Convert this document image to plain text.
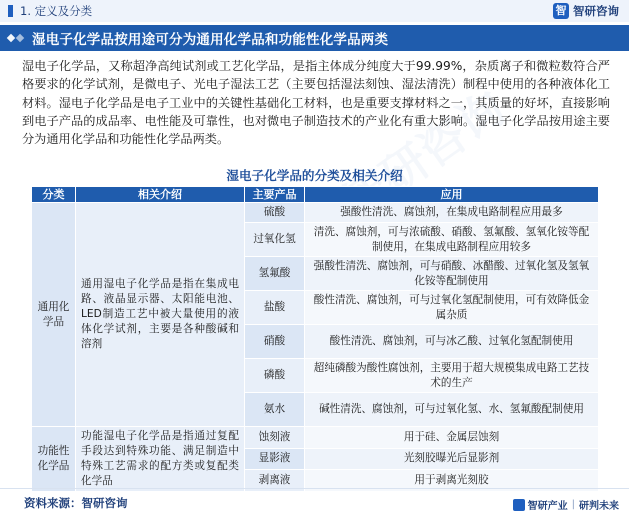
1. 定义及分类	智 智研咨询
湿电子化学品按用途可分为通用化学品和功能性化学品两类
湿电子化学品，又称超净高纯试剂或工艺化学品，是指主体成分纯度大于99.99%，杂质离子和微粒数符合严格要求的化学试剂，是微电子、光电子湿法工艺（主要包括湿法刻蚀、湿法清洗）制程中使用的各种液体化工材料。湿电子化学品是电子工业中的关键性基础化工材料，也是重要支撑材料之一，其质量的好坏，直接影响到电子产品的成品率、电性能及可靠性，也对微电子制造技术的产业化有重大影响。湿电子化学品按用途主要分为通用化学品和功能性化学品两类。
湿电子化学品的分类及相关介绍
分类	相关介绍	主要产品	应用
通用化学品	通用湿电子化学品是指在集成电路、液晶显示器、太阳能电池、LED制造工艺中被大量使用的液体化学试剂，主要是各种酸碱和溶剂	硫酸	强酸性清洗、腐蚀剂，在集成电路制程应用最多
		过氧化氢	清洗、腐蚀剂，可与浓硫酸、硝酸、氢氟酸、氢氧化铵等配制使用，在集成电路制程应用较多
		氢氟酸	强酸性清洗、腐蚀剂，可与硝酸、冰醋酸、过氧化氢及氢氧化铵等配制使用
		盐酸	酸性清洗、腐蚀剂，可与过氧化氢配制使用，可有效降低金属杂质
		硝酸	酸性清洗、腐蚀剂，可与冰乙酸、过氧化氢配制使用
		磷酸	超纯磷酸为酸性腐蚀剂，主要用于超大规模集成电路工艺技术的生产
		氨水	碱性清洗、腐蚀剂，可与过氧化氢、水、氢氟酸配制使用
功能性化学品	功能湿电子化学品是指通过复配手段达到特殊功能、满足制造中特殊工艺需求的配方类或复配类化学品	蚀刻液	用于硅、金属层蚀刻
		显影液	光刻胶曝光后显影剂
		剥离液	用于剥离光刻胶
资料来源：智研咨询	智研产业 | 研判未来
